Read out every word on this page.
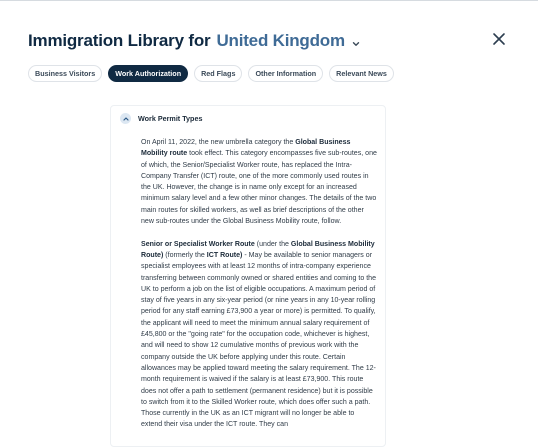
Immigration Library for United Kingdom
Business Visitors	Work Authorization	Red Flags	Other Information	Relevant News
Work Permit Types

On April 11, 2022, the new umbrella category the Global Business Mobility route took effect. This category encompasses five sub-routes, one of which, the Senior/Specialist Worker route, has replaced the Intra-Company Transfer (ICT) route, one of the more commonly used routes in the UK. However, the change is in name only except for an increased minimum salary level and a few other minor changes. The details of the two main routes for skilled workers, as well as brief descriptions of the other new sub-routes under the Global Business Mobility route, follow.

Senior or Specialist Worker Route (under the Global Business Mobility Route) (formerly the ICT Route) - May be available to senior managers or specialist employees with at least 12 months of intra-company experience transferring between commonly owned or shared entities and coming to the UK to perform a job on the list of eligible occupations. A maximum period of stay of five years in any six-year period (or nine years in any 10-year rolling period for any staff earning £73,900 a year or more) is permitted. To qualify, the applicant will need to meet the minimum annual salary requirement of £45,800 or the "going rate" for the occupation code, whichever is highest, and will need to show 12 cumulative months of previous work with the company outside the UK before applying under this route. Certain allowances may be applied toward meeting the salary requirement. The 12-month requirement is waived if the salary is at least £73,900. This route does not offer a path to settlement (permanent residence) but it is possible to switch from it to the Skilled Worker route, which does offer such a path. Those currently in the UK as an ICT migrant will no longer be able to extend their visa under the ICT route. They can
